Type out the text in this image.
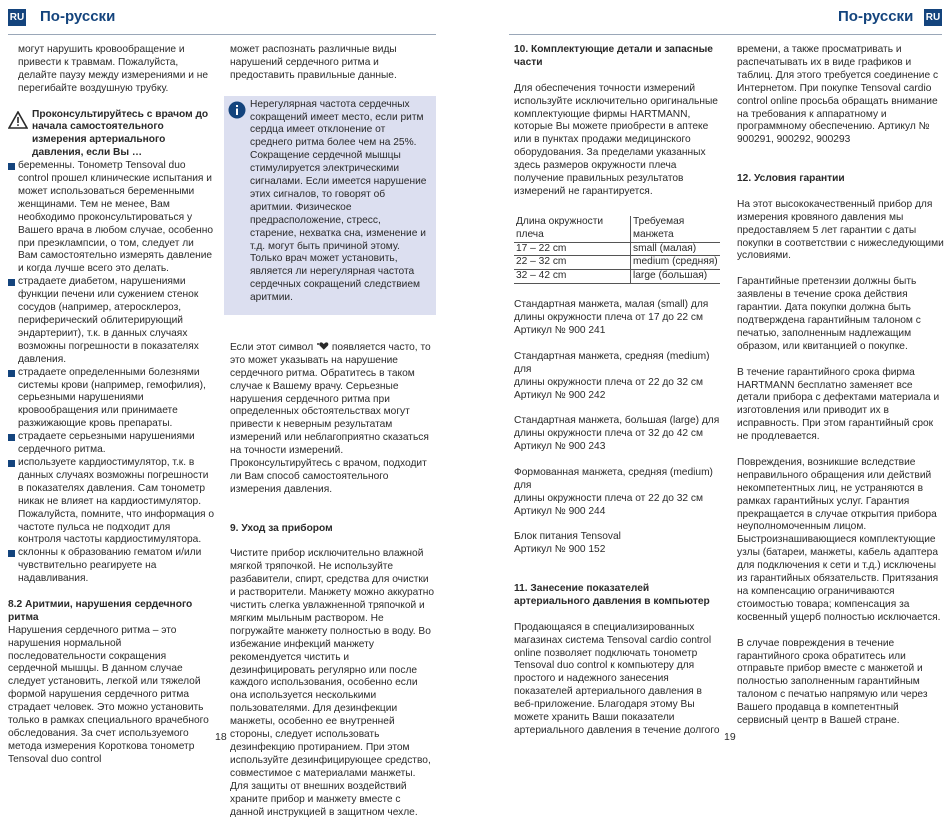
RU По-русски

могут нарушить кровообращение и привести к травмам. Пожалуйста, делайте паузу между измерениями и не перегибайте воздушную трубку.

Проконсультируйтесь с врачом до начала самостоятельного измерения артериального давления, если Вы …

беременны. Тонометр Tensoval duo control прошел клинические испытания и может использоваться беременными женщинами. Тем не менее, Вам необходимо проконсультироваться у Вашего врача в любом случае, особенно при преэклампсии, о том, следует ли Вам самостоятельно измерять давление и когда лучше всего это делать.

страдаете диабетом, нарушениями функции печени или сужением стенок сосудов (например, атеросклероз, периферический облитерирующий эндартериит), т.к. в данных случаях возможны погрешности в показателях давления.

страдаете определенными болезнями системы крови (например, гемофилия), серьезными нарушениями кровообращения или принимаете разжижающие кровь препараты.

страдаете серьезными нарушениями сердечного ритма.

используете кардиостимулятор, т.к. в данных случаях возможны погрешности в показателях давления. Сам тонометр никак не влияет на кардиостимулятор. Пожалуйста, помните, что информация о частоте пульса не подходит для контроля частоты кардиостимулятора.

склонны к образованию гематом и/или чувствительно реагируете на надавливания.

8.2 Аритмии, нарушения сердечного ритма

Нарушения сердечного ритма – это нарушения нормальной последовательности сокращения сердечной мышцы. В данном случае следует установить, легкой или тяжелой формой нарушения сердечного ритма страдает человек. Это можно установить только в рамках специального врачебного обследования. За счет используемого метода измерения Короткова тонометр Tensoval duo control

может распознать различные виды нарушений сердечного ритма и предоставить правильные данные.

Нерегулярная частота сердечных сокращений имеет место, если ритм сердца имеет отклонение от среднего ритма более чем на 25%. Сокращение сердечной мышцы стимулируется электрическими сигналами. Если имеется нарушение этих сигналов, то говорят об аритмии. Физическое предрасположение, стресс, старение, нехватка сна, изменение и т.д. могут быть причиной этому. Только врач может установить, является ли нерегулярная частота сердечных сокращений следствием аритмии.

Если этот символ  появляется часто, то это может указывать на нарушение сердечного ритма. Обратитесь в таком случае к Вашему врачу. Серьезные нарушения сердечного ритма при определенных обстоятельствах могут привести к неверным результатам измерений или неблагоприятно сказаться на точности измерений. Проконсультируйтесь с врачом, подходит ли Вам способ самостоятельного измерения давления.

9. Уход за прибором

Чистите прибор исключительно влажной мягкой тряпочкой. Не используйте разбавители, спирт, средства для очистки и растворители. Манжету можно аккуратно чистить слегка увлажненной тряпочкой и мягким мыльным раствором. Не погружайте манжету полностью в воду. Во избежание инфекций манжету рекомендуется чистить и дезинфицировать регулярно или после каждого использования, особенно если она используется несколькими пользователями. Для дезинфекции манжеты, особенно ее внутренней стороны, следует использовать дезинфекцию протиранием. При этом используйте дезинфицирующее средство, совместимое с материалами манжеты. Для защиты от внешних воздействий храните прибор и манжету вместе с данной инструкцией в защитном чехле.

18
По-русски RU

10. Комплектующие детали и запасные части

Для обеспечения точности измерений используйте исключительно оригинальные комплектующие фирмы HARTMANN, которые Вы можете приобрести в аптеке или в пунктах продажи медицинского оборудования. За пределами указанных здесь размеров окружности плеча получение правильных результатов измерений не гарантируется.

Длина окружности плеча	Требуемая манжета
17 – 22 cm	small (малая)
22 – 32 cm	medium (средняя)
32 – 42 cm	large (большая)

Стандартная манжета, малая (small) для
длины окружности плеча от 17 до 22 см
Артикул № 900 241

Стандартная манжета, средняя (medium) для
длины окружности плеча от 22 до 32 см
Артикул № 900 242

Стандартная манжета, большая (large) для
длины окружности плеча от 32 до 42 см
Артикул № 900 243

Формованная манжета, средняя (medium) для
длины окружности плеча от 22 до 32 см
Артикул № 900 244

Блок питания Tensoval
Артикул № 900 152

11. Занесение показателей артериального давления в компьютер

Продающаяся в специализированных магазинах система Tensoval cardio control online позволяет подключать тонометр Tensoval duo control к компьютеру для простого и надежного занесения показателей артериального давления в веб-приложение. Благодаря этому Вы можете хранить Ваши показатели артериального давления в течение долгого

времени, а также просматривать и распечатывать их в виде графиков и таблиц. Для этого требуется соединение с Интернетом. При покупке Tensoval cardio control online просьба обращать внимание на требования к аппаратному и программному обеспечению. Артикул № 900291, 900292, 900293

12. Условия гарантии

На этот высококачественный прибор для измерения кровяного давления мы предоставляем 5 лет гарантии с даты покупки в соответствии с нижеследующими условиями.

Гарантийные претензии должны быть заявлены в течение срока действия гарантии. Дата покупки должна быть подтверждена гарантийным талоном с печатью, заполненным надлежащим образом, или квитанцией о покупке.

В течение гарантийного срока фирма HARTMANN бесплатно заменяет все детали прибора с дефектами материала и изготовления или приводит их в исправность. При этом гарантийный срок не продлевается.

Повреждения, возникшие вследствие неправильного обращения или действий некомпетентных лиц, не устраняются в рамках гарантийных услуг. Гарантия прекращается в случае открытия прибора неуполномоченным лицом. Быстроизнашивающиеся комплектующие узлы (батареи, манжеты, кабель адаптера для подключения к сети и т.д.) исключены из гарантийных обязательств. Притязания на компенсацию ограничиваются стоимостью товара; компенсация за косвенный ущерб полностью исключается.

В случае повреждения в течение гарантийного срока обратитесь или отправьте прибор вместе с манжетой и полностью заполненным гарантийным талоном с печатью напрямую или через Вашего продавца в компетентный сервисный центр в Вашей стране.

19
